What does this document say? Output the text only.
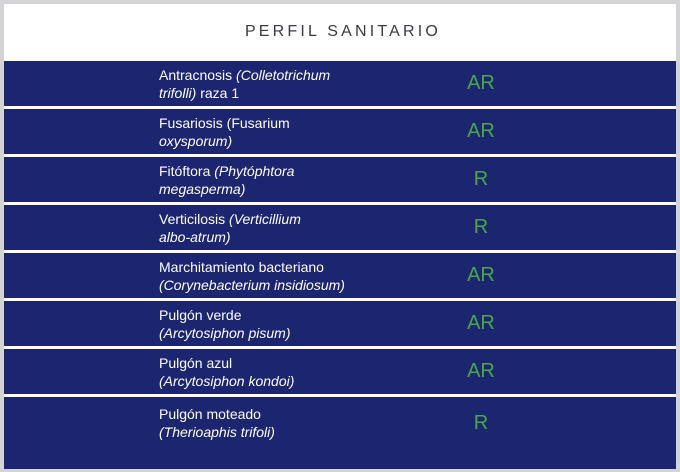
PERFIL SANITARIO
Antracnosis (Colletotrichum
trifolli) raza 1	AR
Fusariosis (Fusarium
oxysporum)	AR
Fitóftora (Phytóphtora
megasperma)	R
Verticilosis (Verticillium
albo-atrum)	R
Marchitamiento bacteriano
(Corynebacterium insidiosum)	AR
Pulgón verde
(Arcytosiphon pisum)	AR
Pulgón azul
(Arcytosiphon kondoi)	AR
Pulgón moteado
(Therioaphis trifoli)	R
